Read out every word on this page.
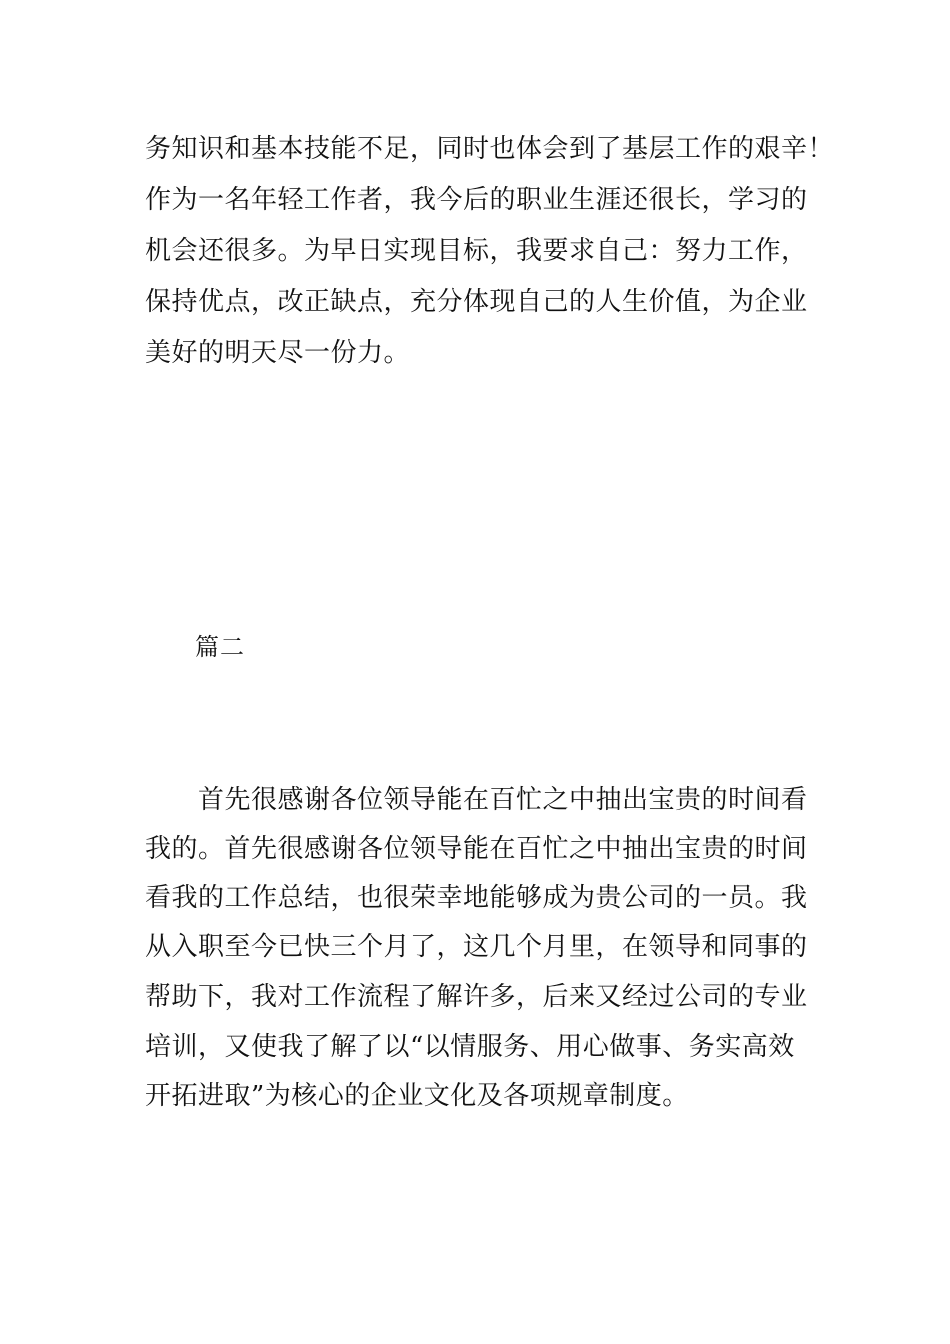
务知识和基本技能不足，同时也体会到了基层工作的艰辛！
作为一名年轻工作者，我今后的职业生涯还很长，学习的
机会还很多。为早日实现目标，我要求自己：努力工作，
保持优点，改正缺点，充分体现自己的人生价值，为企业
美好的明天尽一份力。
篇二
　　首先很感谢各位领导能在百忙之中抽出宝贵的时间看
我的。首先很感谢各位领导能在百忙之中抽出宝贵的时间
看我的工作总结，也很荣幸地能够成为贵公司的一员。我
从入职至今已快三个月了，这几个月里，在领导和同事的
帮助下，我对工作流程了解许多，后来又经过公司的专业
培训，又使我了解了以“以情服务、用心做事、务实高效
开拓进取”为核心的企业文化及各项规章制度。
